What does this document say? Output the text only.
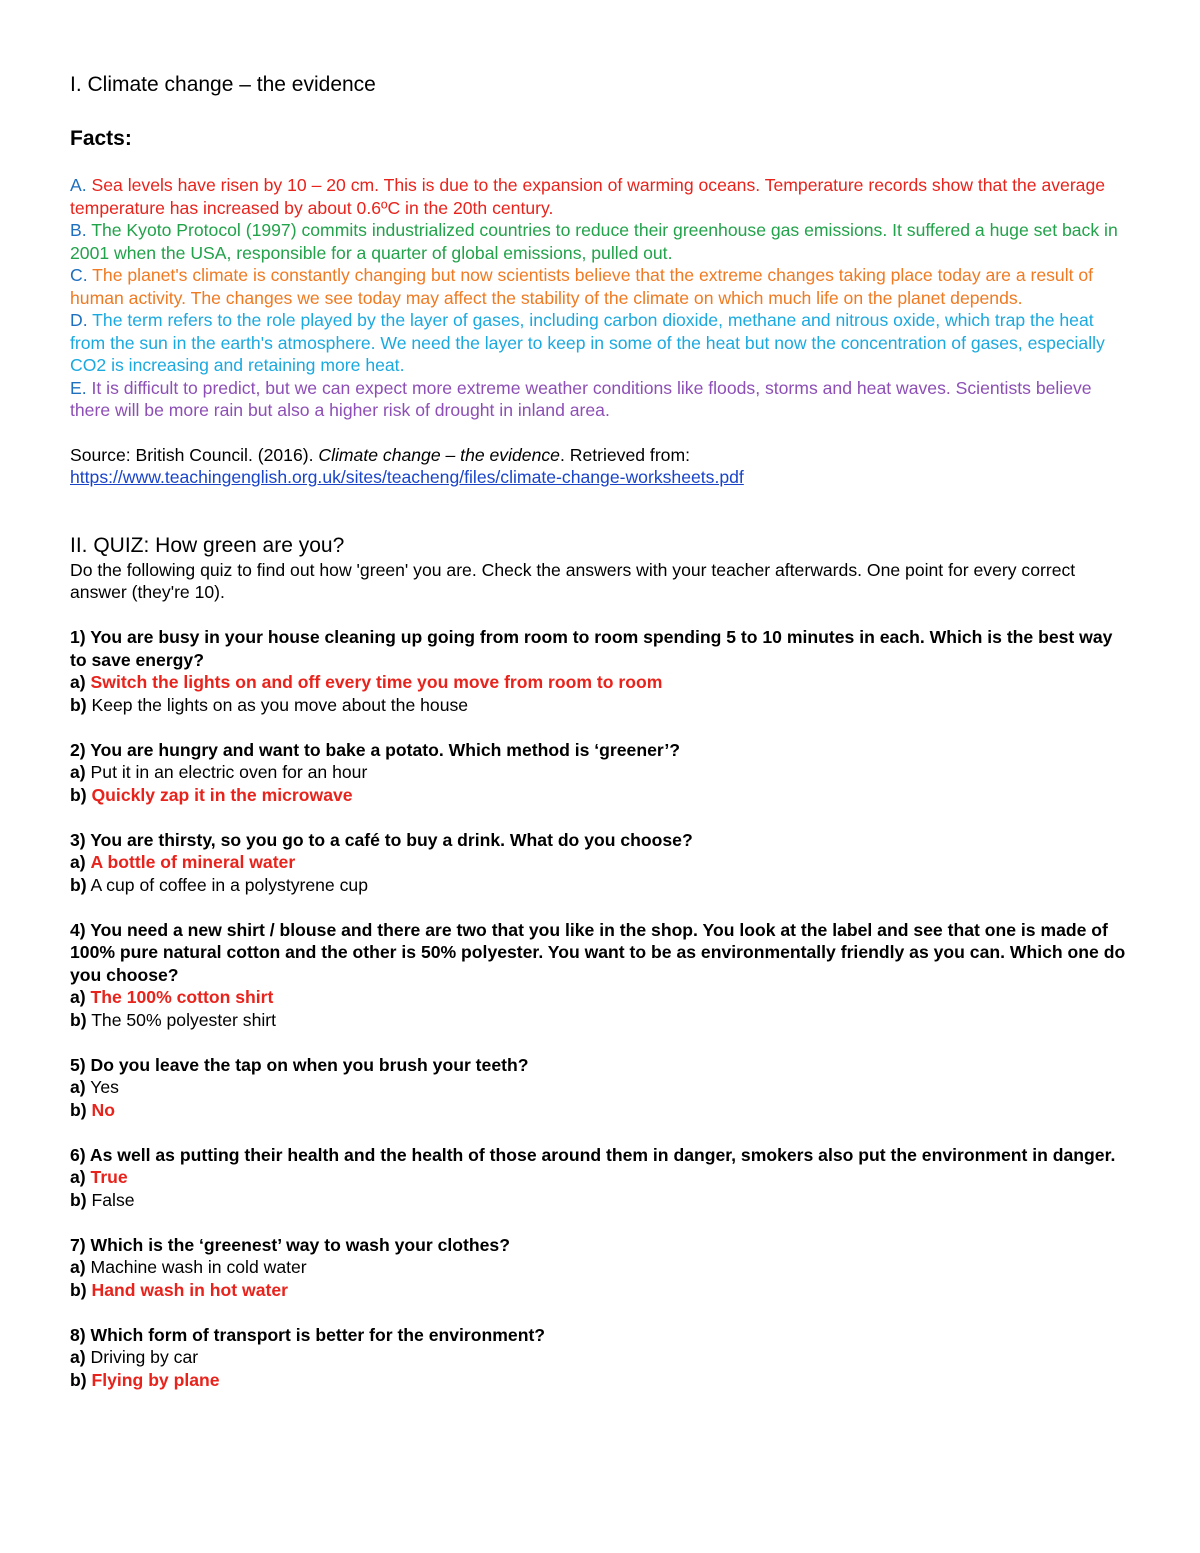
I. Climate change – the evidence
Facts:
A. Sea levels have risen by 10 – 20 cm. This is due to the expansion of warming oceans. Temperature records show that the average temperature has increased by about 0.6ºC in the 20th century.
B. The Kyoto Protocol (1997) commits industrialized countries to reduce their greenhouse gas emissions. It suffered a huge set back in 2001 when the USA, responsible for a quarter of global emissions, pulled out.
C. The planet's climate is constantly changing but now scientists believe that the extreme changes taking place today are a result of human activity. The changes we see today may affect the stability of the climate on which much life on the planet depends.
D. The term refers to the role played by the layer of gases, including carbon dioxide, methane and nitrous oxide, which trap the heat from the sun in the earth's atmosphere. We need the layer to keep in some of the heat but now the concentration of gases, especially CO2 is increasing and retaining more heat.
E. It is difficult to predict, but we can expect more extreme weather conditions like floods, storms and heat waves. Scientists believe there will be more rain but also a higher risk of drought in inland area.
Source: British Council. (2016). Climate change – the evidence. Retrieved from:
https://www.teachingenglish.org.uk/sites/teacheng/files/climate-change-worksheets.pdf
II. QUIZ: How green are you?
Do the following quiz to find out how 'green' you are. Check the answers with your teacher afterwards. One point for every correct answer (they're 10).
1) You are busy in your house cleaning up going from room to room spending 5 to 10 minutes in each. Which is the best way to save energy?
a) Switch the lights on and off every time you move from room to room
b) Keep the lights on as you move about the house
2) You are hungry and want to bake a potato. Which method is ‘greener’?
a) Put it in an electric oven for an hour
b) Quickly zap it in the microwave
3) You are thirsty, so you go to a café to buy a drink. What do you choose?
a) A bottle of mineral water
b) A cup of coffee in a polystyrene cup
4) You need a new shirt / blouse and there are two that you like in the shop. You look at the label and see that one is made of 100% pure natural cotton and the other is 50% polyester. You want to be as environmentally friendly as you can. Which one do you choose?
a) The 100% cotton shirt
b) The 50% polyester shirt
5) Do you leave the tap on when you brush your teeth?
a) Yes
b) No
6) As well as putting their health and the health of those around them in danger, smokers also put the environment in danger.
a) True
b) False
7) Which is the ‘greenest’ way to wash your clothes?
a) Machine wash in cold water
b) Hand wash in hot water
8) Which form of transport is better for the environment?
a) Driving by car
b) Flying by plane
